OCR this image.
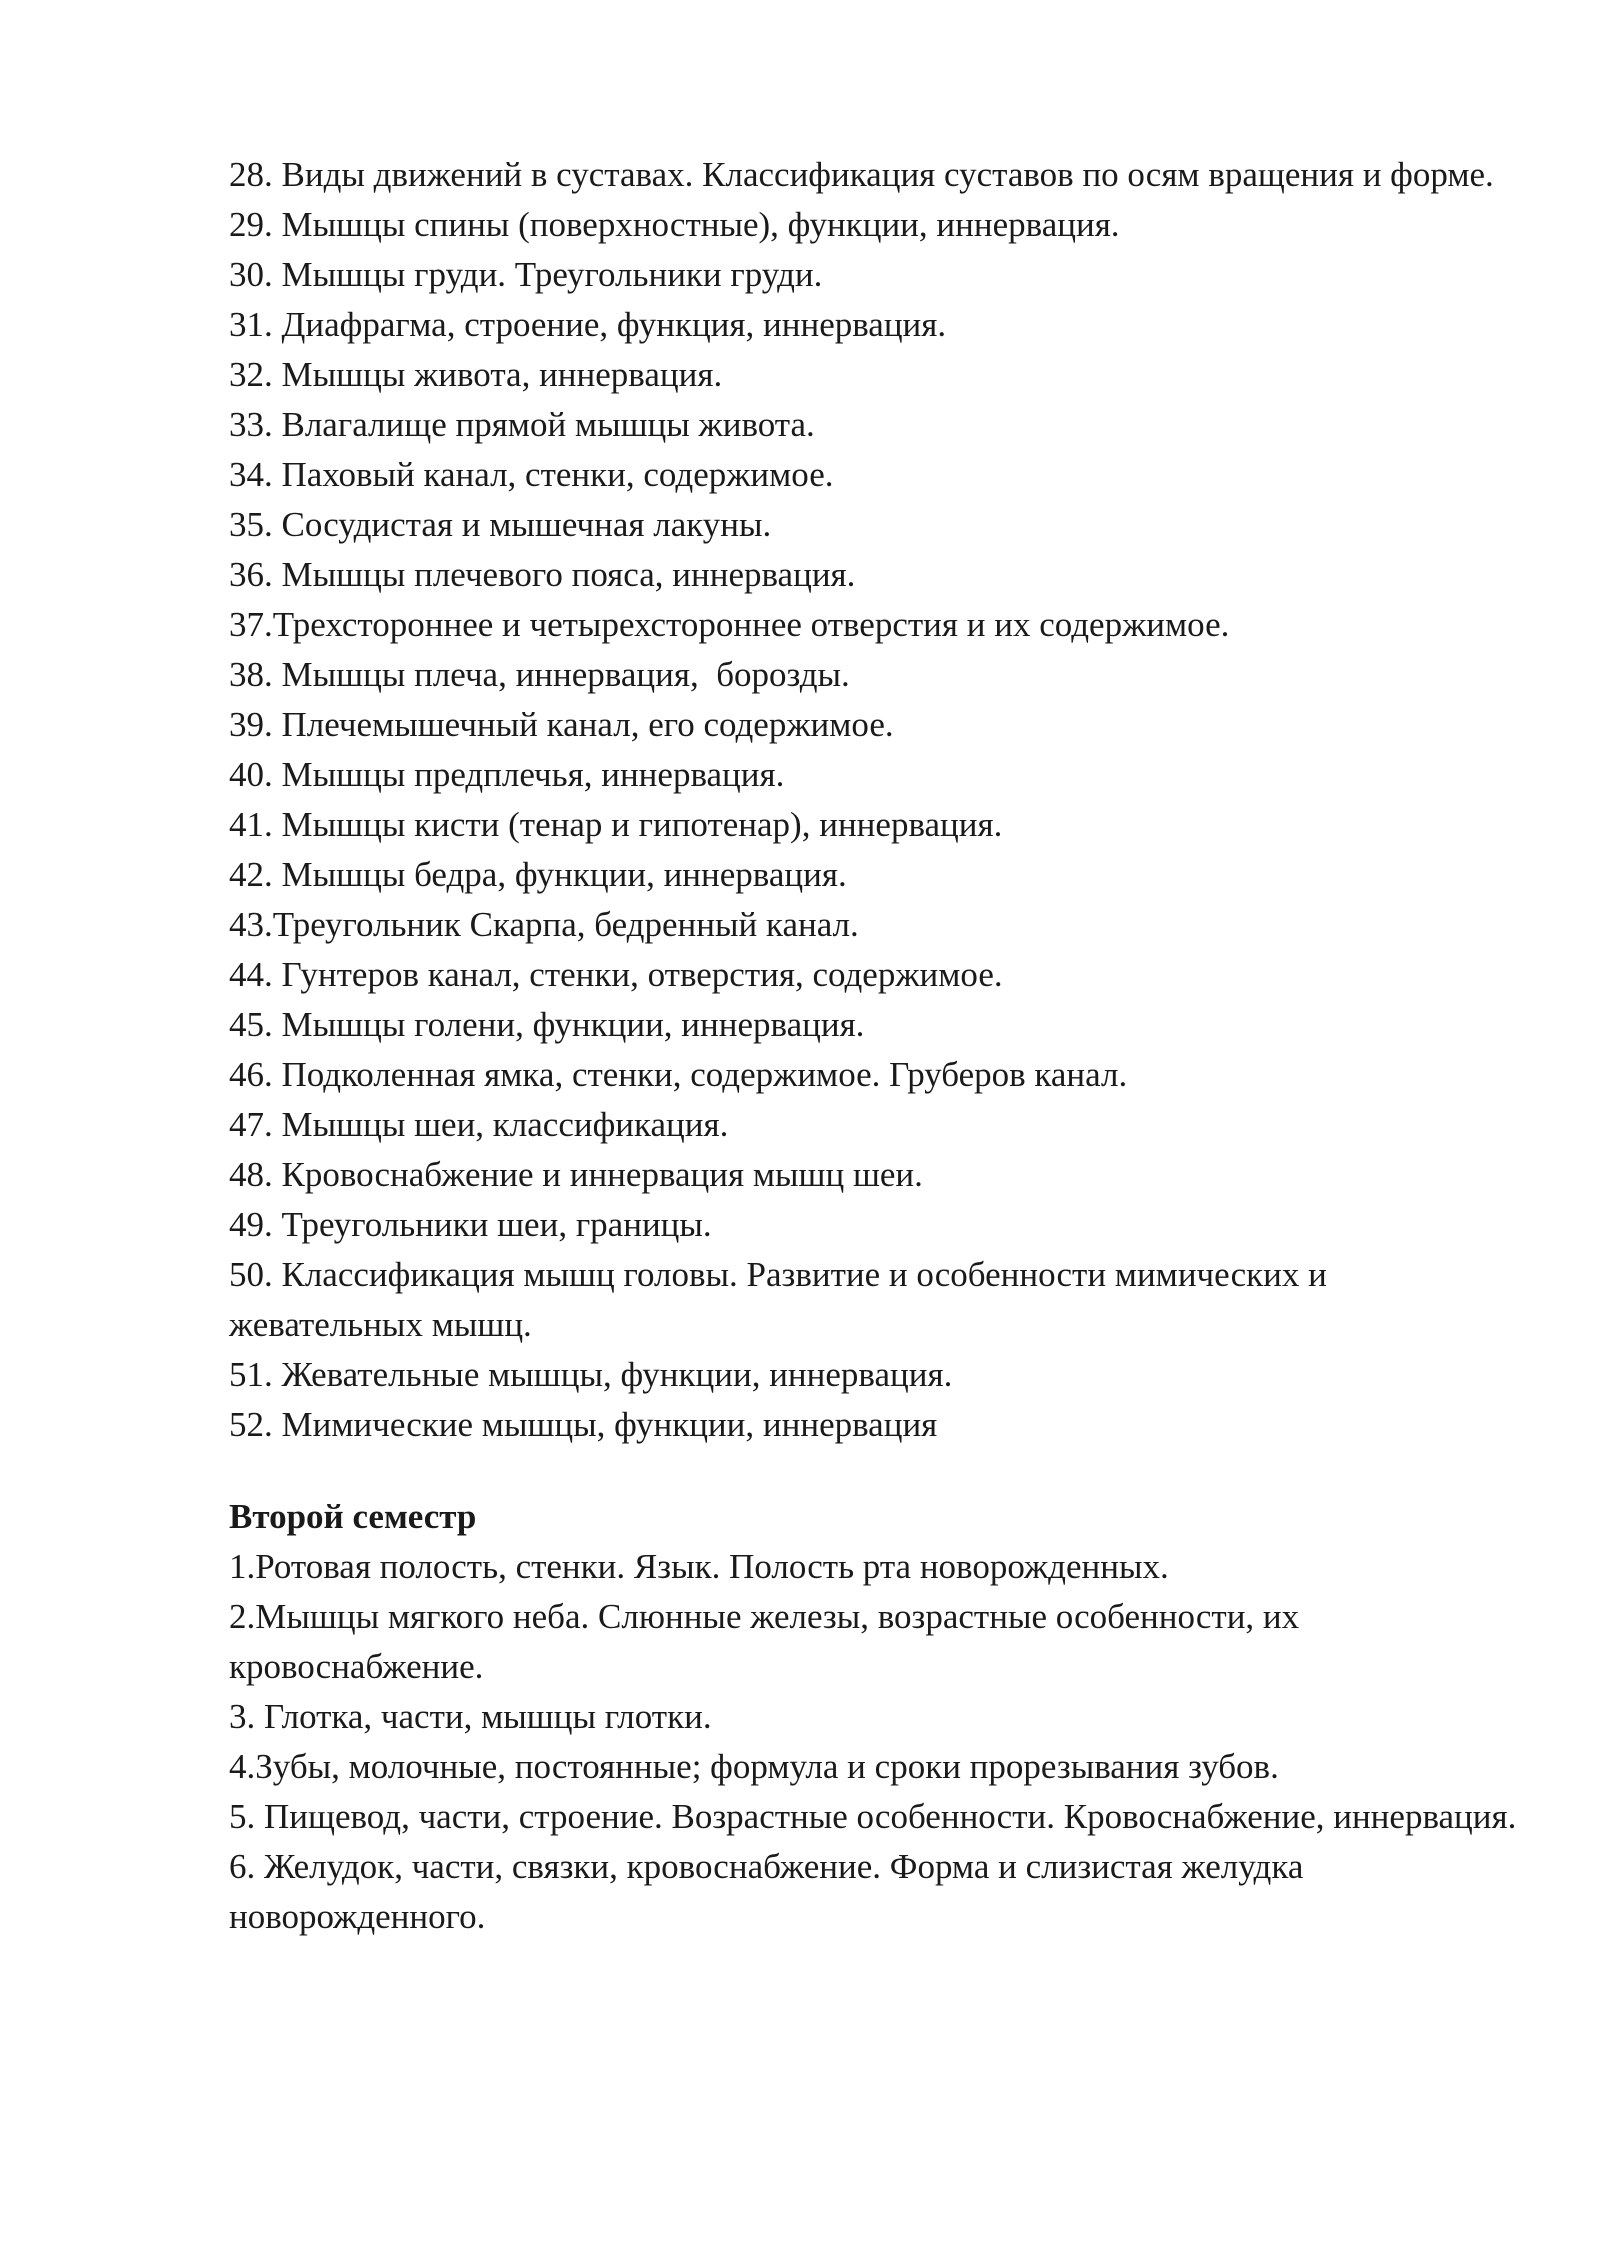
28. Виды движений в суставах. Классификация суставов по осям вращения и форме.

29. Мышцы спины (поверхностные), функции, иннервация.

30. Мышцы груди. Треугольники груди.

31. Диафрагма, строение, функция, иннервация.

32. Мышцы живота, иннервация.

33. Влагалище прямой мышцы живота.

34. Паховый канал, стенки, содержимое.

35. Сосудистая и мышечная лакуны.

36. Мышцы плечевого пояса, иннервация.

37.Трехстороннее и четырехстороннее отверстия и их содержимое.

38. Мышцы плеча, иннервация,  борозды.

39. Плечемышечный канал, его содержимое.

40. Мышцы предплечья, иннервация.

41. Мышцы кисти (тенар и гипотенар), иннервация.

42. Мышцы бедра, функции, иннервация.

43.Треугольник Скарпа, бедренный канал.

44. Гунтеров канал, стенки, отверстия, содержимое.

45. Мышцы голени, функции, иннервация.

46. Подколенная ямка, стенки, содержимое. Груберов канал.

47. Мышцы шеи, классификация.

48. Кровоснабжение и иннервация мышц шеи.

49. Треугольники шеи, границы.

50. Классификация мышц головы. Развитие и особенности мимических и жевательных мышц.

51. Жевательные мышцы, функции, иннервация.

52. Мимические мышцы, функции, иннервация

Второй семестр

1.Ротовая полость, стенки. Язык. Полость рта новорожденных.

2.Мышцы мягкого неба. Слюнные железы, возрастные особенности, их кровоснабжение.

3. Глотка, части, мышцы глотки.

4.Зубы, молочные, постоянные; формула и сроки прорезывания зубов.

5. Пищевод, части, строение. Возрастные особенности. Кровоснабжение, иннервация.

6. Желудок, части, связки, кровоснабжение. Форма и слизистая желудка новорожденного.
